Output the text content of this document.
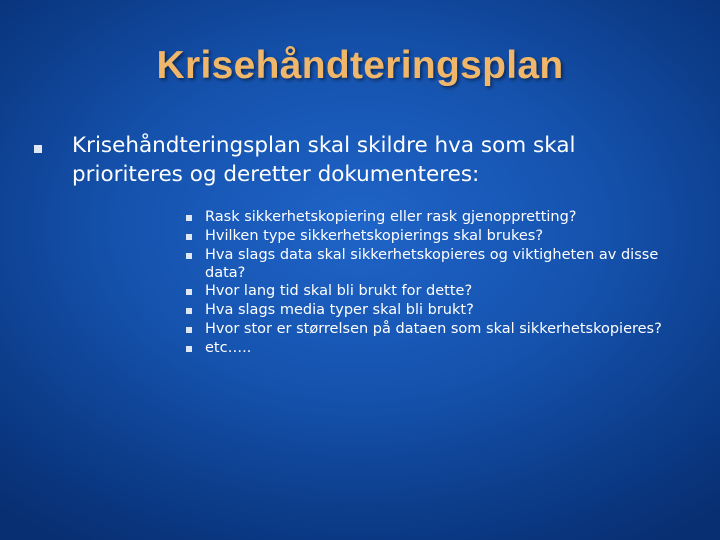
Krisehåndteringsplan
Krisehåndteringsplan skal skildre hva som skal prioriteres og deretter dokumenteres:
Rask sikkerhetskopiering eller rask gjenoppretting?
Hvilken type sikkerhetskopierings skal brukes?
Hva slags data skal sikkerhetskopieres og viktigheten av disse data?
Hvor lang tid skal bli brukt for dette?
Hva slags media typer skal bli brukt?
Hvor stor er størrelsen på dataen som skal sikkerhetskopieres?
etc…..
